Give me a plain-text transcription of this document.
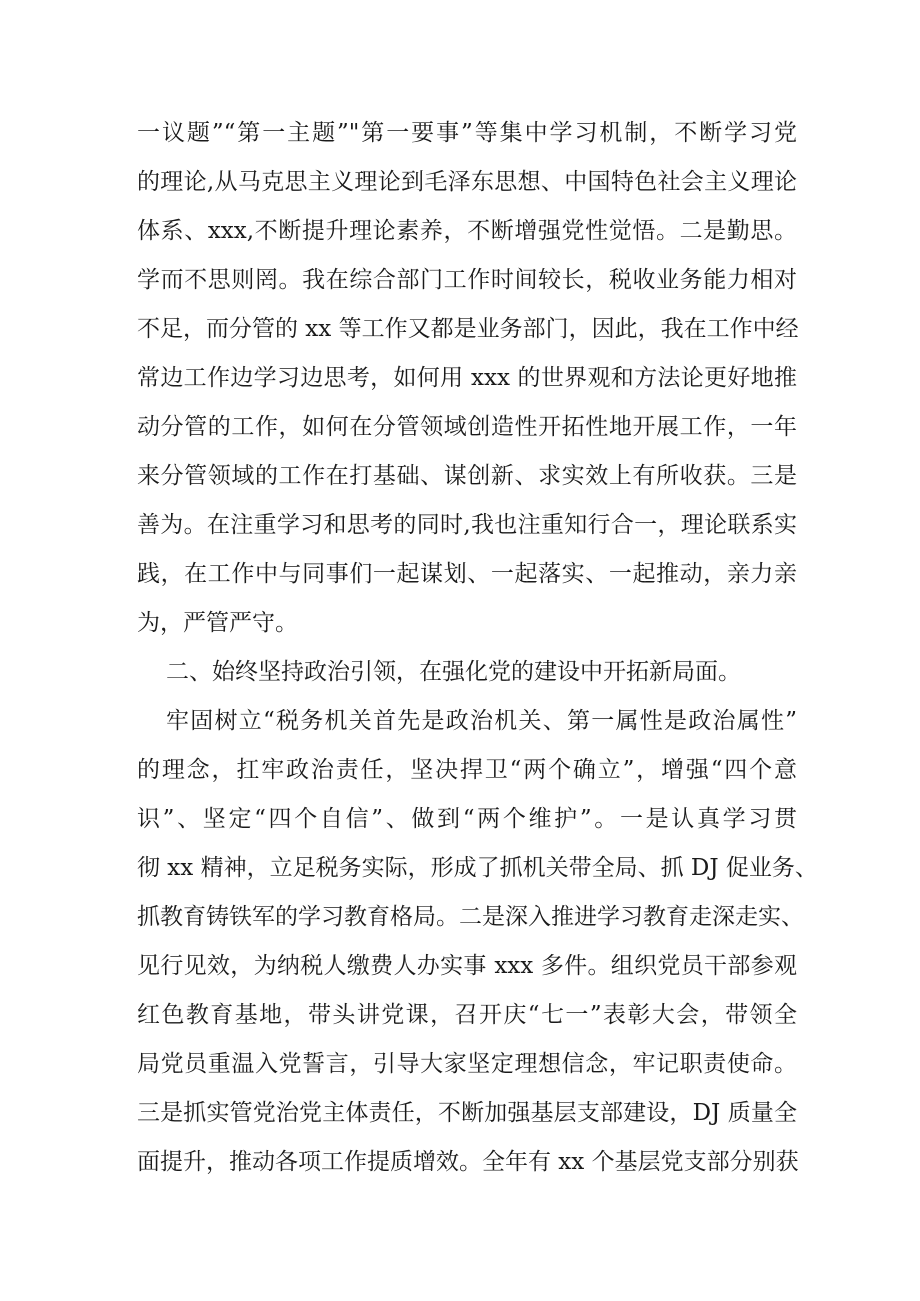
一议题”“第一主题”"第一要事”等集中学习机制，不断学习党
的理论,从马克思主义理论到毛泽东思想、中国特色社会主义理论
体系、xxx,不断提升理论素养，不断增强党性觉悟。二是勤思。
学而不思则罔。我在综合部门工作时间较长，税收业务能力相对
不足，而分管的 xx 等工作又都是业务部门，因此，我在工作中经
常边工作边学习边思考，如何用 xxx 的世界观和方法论更好地推
动分管的工作，如何在分管领域创造性开拓性地开展工作，一年
来分管领域的工作在打基础、谋创新、求实效上有所收获。三是
善为。在注重学习和思考的同时,我也注重知行合一，理论联系实
践，在工作中与同事们一起谋划、一起落实、一起推动，亲力亲
为，严管严守。
二、始终坚持政治引领，在强化党的建设中开拓新局面。
牢固树立“税务机关首先是政治机关、第一属性是政治属性”
的理念，扛牢政治责任，坚决捍卫“两个确立”，增强“四个意
识”、坚定“四个自信”、做到“两个维护”。一是认真学习贯
彻 xx 精神，立足税务实际，形成了抓机关带全局、抓 DJ 促业务、
抓教育铸铁军的学习教育格局。二是深入推进学习教育走深走实、
见行见效，为纳税人缴费人办实事 xxx 多件。组织党员干部参观
红色教育基地，带头讲党课，召开庆“七一”表彰大会，带领全
局党员重温入党誓言，引导大家坚定理想信念，牢记职责使命。
三是抓实管党治党主体责任，不断加强基层支部建设，DJ 质量全
面提升，推动各项工作提质增效。全年有 xx 个基层党支部分别获
